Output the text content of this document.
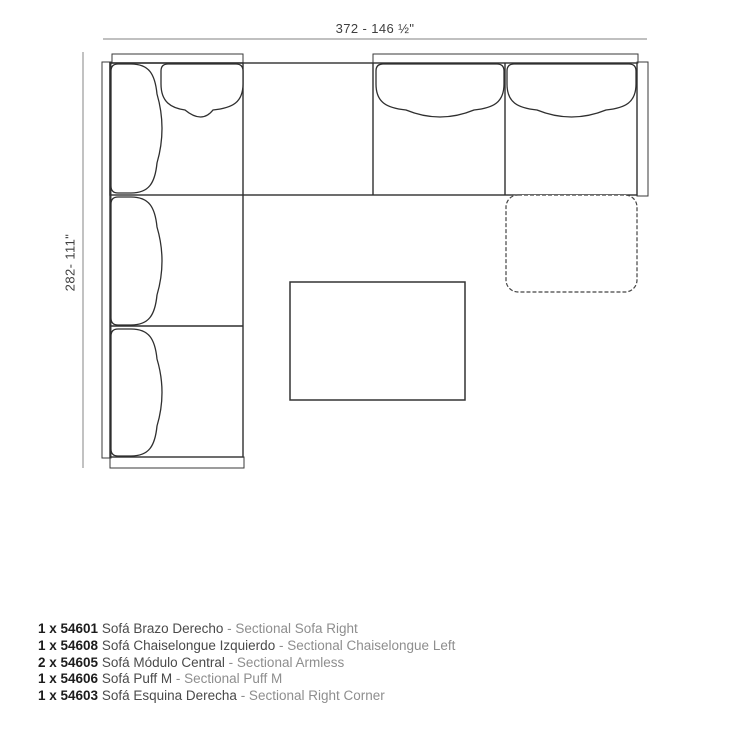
372 - 146 ½"
282- 111"
1 x 54601 Sofá Brazo Derecho - Sectional Sofa Right
1 x 54608 Sofá Chaiselongue Izquierdo - Sectional Chaiselongue Left
2 x 54605 Sofá Módulo Central - Sectional Armless
1 x 54606 Sofá Puff M - Sectional Puff M
1 x 54603 Sofá Esquina Derecha - Sectional Right Corner
